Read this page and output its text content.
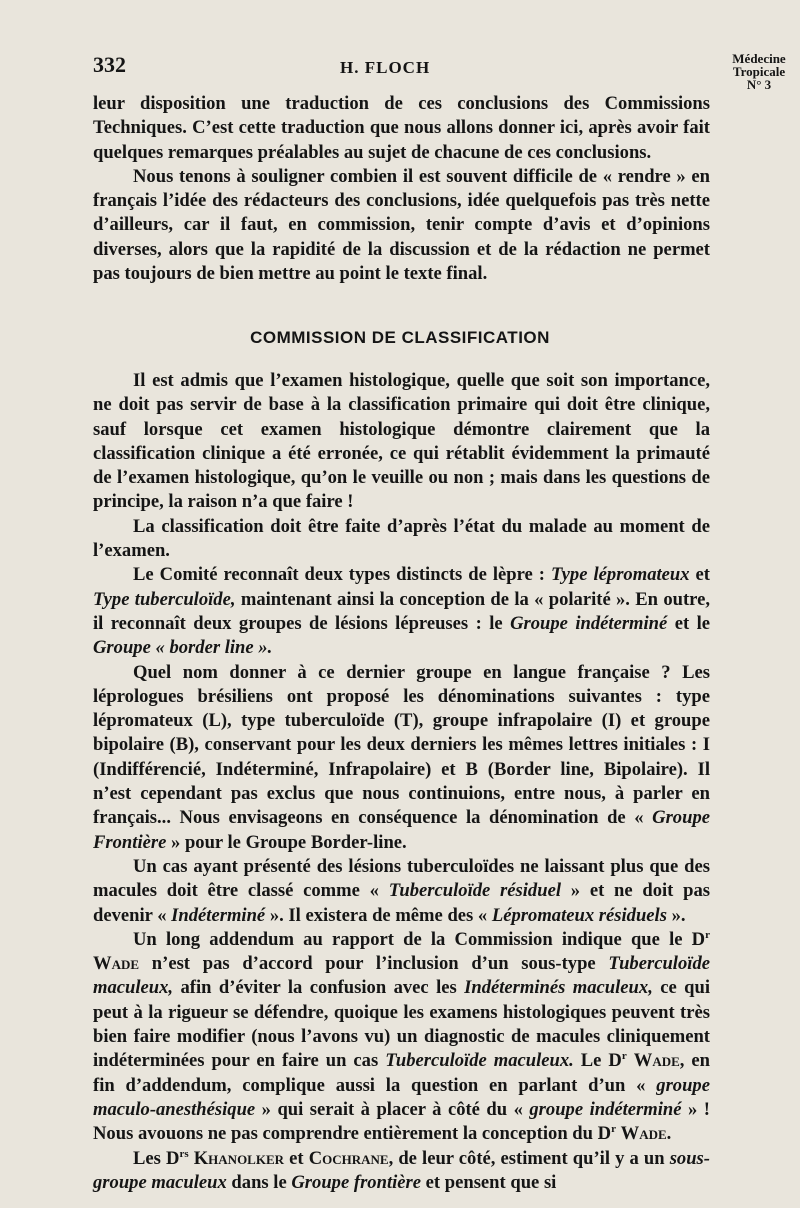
332	H. FLOCH	Médecine
Tropicale
N° 3

leur disposition une traduction de ces conclusions des Commissions Techniques. C’est cette traduction que nous allons donner ici, après avoir fait quelques remarques préalables au sujet de chacune de ces conclusions.

Nous tenons à souligner combien il est souvent difficile de « rendre » en français l’idée des rédacteurs des conclusions, idée quelquefois pas très nette d’ailleurs, car il faut, en commission, tenir compte d’avis et d’opinions diverses, alors que la rapidité de la discussion et de la rédaction ne permet pas toujours de bien mettre au point le texte final.

COMMISSION DE CLASSIFICATION

Il est admis que l’examen histologique, quelle que soit son importance, ne doit pas servir de base à la classification primaire qui doit être clinique, sauf lorsque cet examen histologique démontre clairement que la classification clinique a été erronée, ce qui rétablit évidemment la primauté de l’examen histologique, qu’on le veuille ou non ; mais dans les questions de principe, la raison n’a que faire !

La classification doit être faite d’après l’état du malade au moment de l’examen.

Le Comité reconnaît deux types distincts de lèpre : Type lépromateux et Type tuberculoïde, maintenant ainsi la conception de la « polarité ». En outre, il reconnaît deux groupes de lésions lépreuses : le Groupe indéterminé et le Groupe « border line ».

Quel nom donner à ce dernier groupe en langue française ? Les léprologues brésiliens ont proposé les dénominations suivantes : type lépromateux (L), type tuberculoïde (T), groupe infrapolaire (I) et groupe bipolaire (B), conservant pour les deux derniers les mêmes lettres initiales : I (Indifférencié, Indéterminé, Infrapolaire) et B (Border line, Bipolaire). Il n’est cependant pas exclus que nous continuions, entre nous, à parler en français... Nous envisageons en conséquence la dénomination de « Groupe Frontière » pour le Groupe Border-line.

Un cas ayant présenté des lésions tuberculoïdes ne laissant plus que des macules doit être classé comme « Tuberculoïde résiduel » et ne doit pas devenir « Indéterminé ». Il existera de même des « Lépromateux résiduels ».

Un long addendum au rapport de la Commission indique que le $D^r$ Wade n’est pas d’accord pour l’inclusion d’un sous-type Tuberculoïde maculeux, afin d’éviter la confusion avec les Indéterminés maculeux, ce qui peut à la rigueur se défendre, quoique les examens histologiques peuvent très bien faire modifier (nous l’avons vu) un diagnostic de macules cliniquement indéterminées pour en faire un cas Tuberculoïde maculeux. Le $D^r$ Wade, en fin d’addendum, complique aussi la question en parlant d’un « groupe maculo-anesthésique » qui serait à placer à côté du « groupe indéterminé » ! Nous avouons ne pas comprendre entièrement la conception du $D^r$ Wade.

Les $D^{rs}$ Khanolker et Cochrane, de leur côté, estiment qu’il y a un sous-groupe maculeux dans le Groupe frontière et pensent que si
